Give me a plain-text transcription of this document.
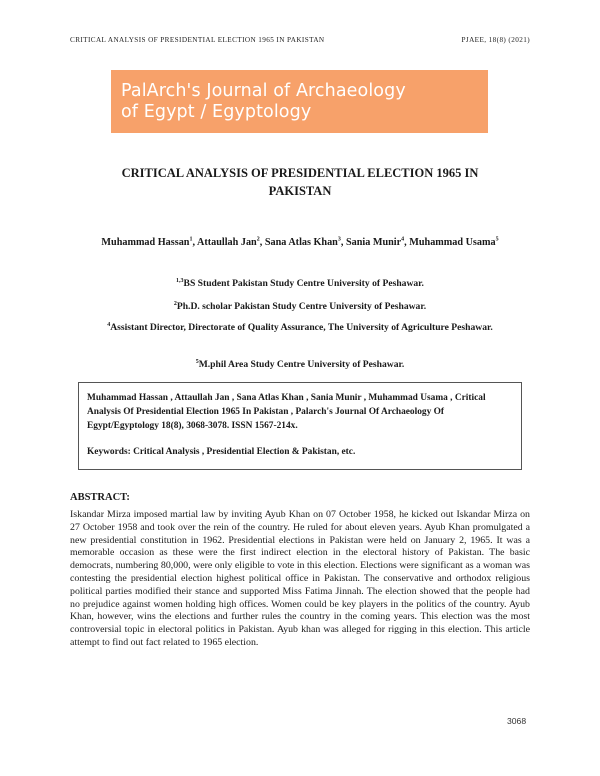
CRITICAL ANALYSIS OF PRESIDENTIAL ELECTION 1965 IN PAKISTAN	PJAEE, 18(8) (2021)
PalArch's Journal of Archaeology
of Egypt / Egyptology
CRITICAL ANALYSIS OF PRESIDENTIAL ELECTION 1965 IN
PAKISTAN
Muhammad Hassan$^1$, Attaullah Jan$^2$, Sana Atlas Khan$^3$, Sania Munir$^4$, Muhammad Usama$^5$
$^{1,3}$BS Student Pakistan Study Centre University of Peshawar.
$^2$Ph.D. scholar Pakistan Study Centre University of Peshawar.
$^4$Assistant Director, Directorate of Quality Assurance, The University of Agriculture Peshawar.
$^5$M.phil Area Study Centre University of Peshawar.
Muhammad Hassan , Attaullah Jan , Sana Atlas Khan , Sania Munir , Muhammad Usama , Critical Analysis Of Presidential Election 1965 In Pakistan , Palarch's Journal Of Archaeology Of Egypt/Egyptology 18(8), 3068-3078. ISSN 1567-214x.
Keywords: Critical Analysis , Presidential Election & Pakistan, etc.
ABSTRACT:
Iskandar Mirza imposed martial law by inviting Ayub Khan on 07 October 1958, he kicked out Iskandar Mirza on 27 October 1958 and took over the rein of the country. He ruled for about eleven years. Ayub Khan promulgated a new presidential constitution in 1962. Presidential elections in Pakistan were held on January 2, 1965. It was a memorable occasion as these were the first indirect election in the electoral history of Pakistan. The basic democrats, numbering 80,000, were only eligible to vote in this election. Elections were significant as a woman was contesting the presidential election highest political office in Pakistan. The conservative and orthodox religious political parties modified their stance and supported Miss Fatima Jinnah. The election showed that the people had no prejudice against women holding high offices. Women could be key players in the politics of the country. Ayub Khan, however, wins the elections and further rules the country in the coming years. This election was the most controversial topic in electoral politics in Pakistan. Ayub khan was alleged for rigging in this election. This article attempt to find out fact related to 1965 election.
3068
